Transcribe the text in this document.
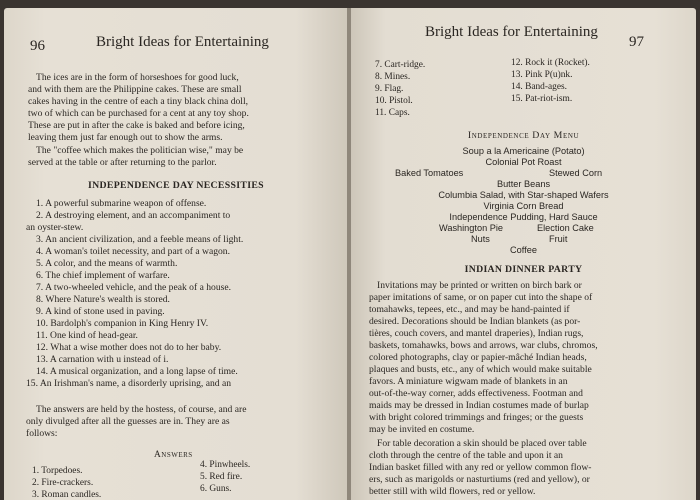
96	Bright Ideas for Entertaining
The ices are in the form of horseshoes for good luck,
and with them are the Philippine cakes. These are small
cakes having in the centre of each a tiny black china doll,
two of which can be purchased for a cent at any toy shop.
These are put in after the cake is baked and before icing,
leaving them just far enough out to show the arms.
The "coffee which makes the politician wise," may be
served at the table or after returning to the parlor.
INDEPENDENCE DAY NECESSITIES
1. A powerful submarine weapon of offense.
2. A destroying element, and an accompaniment to
an oyster-stew.
3. An ancient civilization, and a feeble means of light.
4. A woman's toilet necessity, and part of a wagon.
5. A color, and the means of warmth.
6. The chief implement of warfare.
7. A two-wheeled vehicle, and the peak of a house.
8. Where Nature's wealth is stored.
9. A kind of stone used in paving.
10. Bardolph's companion in King Henry IV.
11. One kind of head-gear.
12. What a wise mother does not do to her baby.
13. A carnation with u instead of i.
14. A musical organization, and a long lapse of time.
15. An Irishman's name, a disorderly uprising, and an
The answers are held by the hostess, of course, and are
only divulged after all the guesses are in. They are as
follows:
Answers
1. Torpedoes.
2. Fire-crackers.
3. Roman candles.
4. Pinwheels.
5. Red fire.
6. Guns.
Bright Ideas for Entertaining
97
7. Cart-ridge.
8. Mines.
9. Flag.
10. Pistol.
11. Caps.
12. Rock it (Rocket).
13. Pink P(u)nk.
14. Band-ages.
15. Pat-riot-ism.
Independence Day Menu
Soup a la Americaine (Potato)
Colonial Pot Roast
Baked Tomatoes	Stewed Corn
Butter Beans
Columbia Salad, with Star-shaped Wafers
Virginia Corn Bread
Independence Pudding, Hard Sauce
Washington Pie	Election Cake
Nuts	Fruit
Coffee
INDIAN DINNER PARTY
Invitations may be printed or written on birch bark or
paper imitations of same, or on paper cut into the shape of
tomahawks, tepees, etc., and may be hand-painted if
desired. Decorations should be Indian blankets (as por-
tières, couch covers, and mantel draperies), Indian rugs,
baskets, tomahawks, bows and arrows, war clubs, chromos,
colored photographs, clay or papier-mâché Indian heads,
plaques and busts, etc., any of which would make suitable
favors. A miniature wigwam made of blankets in an
out-of-the-way corner, adds effectiveness. Footman and
maids may be dressed in Indian costumes made of burlap
with bright colored trimmings and fringes; or the guests
may be invited en costume.
For table decoration a skin should be placed over table
cloth through the centre of the table and upon it an
Indian basket filled with any red or yellow common flow-
ers, such as marigolds or nasturtiums (red and yellow), or
better still with wild flowers, red or yellow.
